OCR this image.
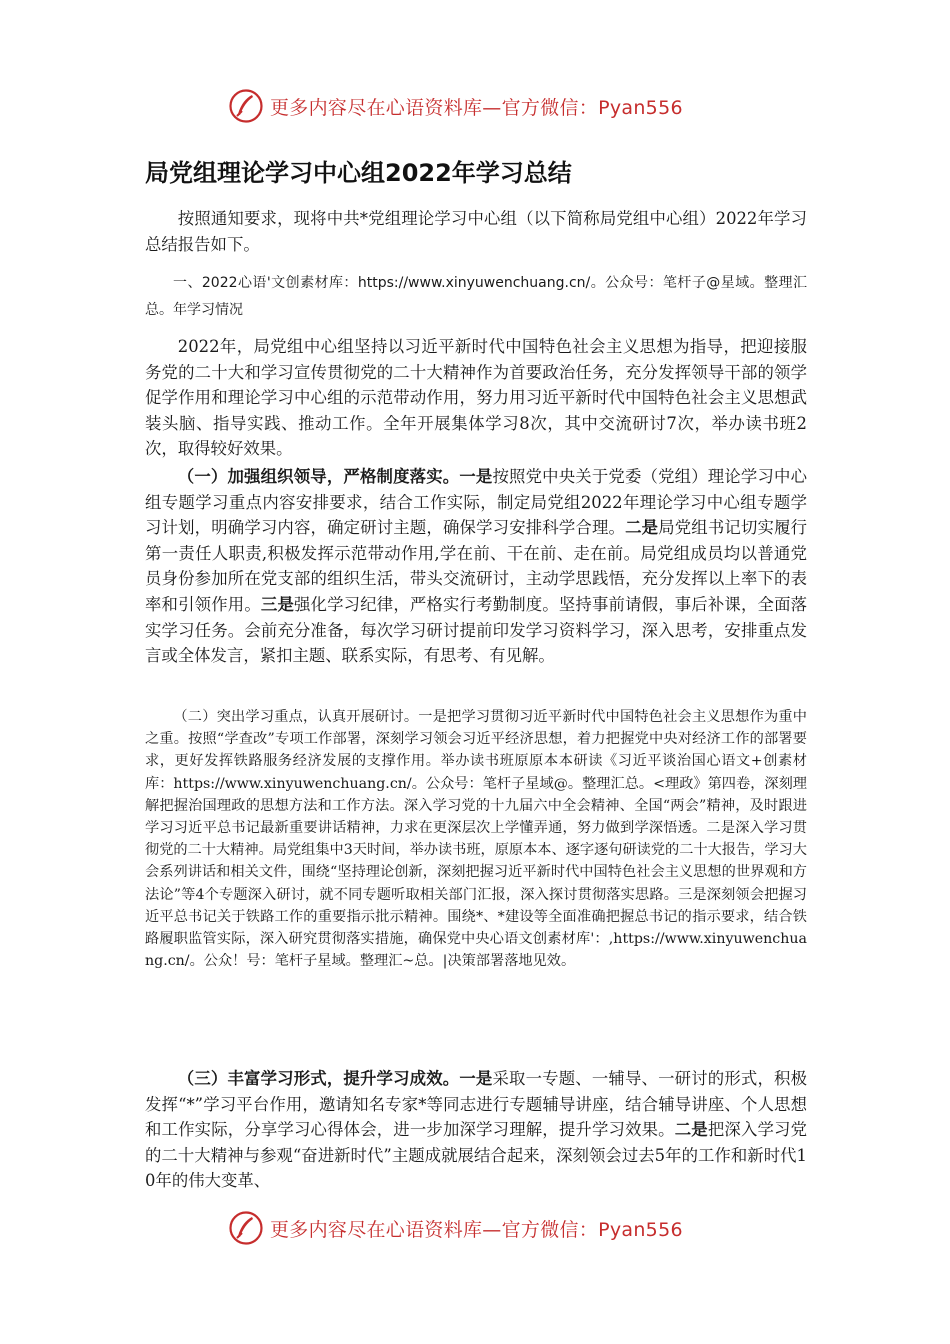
更多内容尽在心语资料库—官方微信：Pyan556
局党组理论学习中心组2022年学习总结

按照通知要求，现将中共*党组理论学习中心组（以下简称局党组中心组）2022年学习总结报告如下。

一、2022心语'文创素材库：https://www.xinyuwenchuang.cn/。公众号：笔杆子@星域。整理汇总。年学习情况

2022年，局党组中心组坚持以习近平新时代中国特色社会主义思想为指导，把迎接服务党的二十大和学习宣传贯彻党的二十大精神作为首要政治任务，充分发挥领导干部的领学促学作用和理论学习中心组的示范带动作用，努力用习近平新时代中国特色社会主义思想武装头脑、指导实践、推动工作。全年开展集体学习8次，其中交流研讨7次，举办读书班2次，取得较好效果。

（一）加强组织领导，严格制度落实。一是按照党中央关于党委（党组）理论学习中心组专题学习重点内容安排要求，结合工作实际，制定局党组2022年理论学习中心组专题学习计划，明确学习内容，确定研讨主题，确保学习安排科学合理。二是局党组书记切实履行第一责任人职责,积极发挥示范带动作用,学在前、干在前、走在前。局党组成员均以普通党员身份参加所在党支部的组织生活，带头交流研讨，主动学思践悟，充分发挥以上率下的表率和引领作用。三是强化学习纪律，严格实行考勤制度。坚持事前请假，事后补课，全面落实学习任务。会前充分准备，每次学习研讨提前印发学习资料学习，深入思考，安排重点发言或全体发言，紧扣主题、联系实际，有思考、有见解。

（二）突出学习重点，认真开展研讨。一是把学习贯彻习近平新时代中国特色社会主义思想作为重中之重。按照“学查改”专项工作部署，深刻学习领会习近平经济思想，着力把握党中央对经济工作的部署要求，更好发挥铁路服务经济发展的支撑作用。举办读书班原原本本研读《习近平谈治国心语文+创素材库：https://www.xinyuwenchuang.cn/。公众号：笔杆子星域@。整理汇总。<理政》第四卷，深刻理解把握治国理政的思想方法和工作方法。深入学习党的十九届六中全会精神、全国“两会”精神，及时跟进学习习近平总书记最新重要讲话精神，力求在更深层次上学懂弄通，努力做到学深悟透。二是深入学习贯彻党的二十大精神。局党组集中3天时间，举办读书班，原原本本、逐字逐句研读党的二十大报告，学习大会系列讲话和相关文件，围绕“坚持理论创新，深刻把握习近平新时代中国特色社会主义思想的世界观和方法论”等4个专题深入研讨，就不同专题听取相关部门汇报，深入探讨贯彻落实思路。三是深刻领会把握习近平总书记关于铁路工作的重要指示批示精神。围绕*、*建设等全面准确把握总书记的指示要求，结合铁路履职监管实际，深入研究贯彻落实措施，确保党中央心语文创素材库'：,https://www.xinyuwenchuang.cn/。公众！号：笔杆子星域。整理汇~总。|决策部署落地见效。

（三）丰富学习形式，提升学习成效。一是采取一专题、一辅导、一研讨的形式，积极发挥“*”学习平台作用，邀请知名专家*等同志进行专题辅导讲座，结合辅导讲座、个人思想和工作实际，分享学习心得体会，进一步加深学习理解，提升学习效果。二是把深入学习党的二十大精神与参观“奋进新时代”主题成就展结合起来，深刻领会过去5年的工作和新时代10年的伟大变革、

更多内容尽在心语资料库—官方微信：Pyan556
